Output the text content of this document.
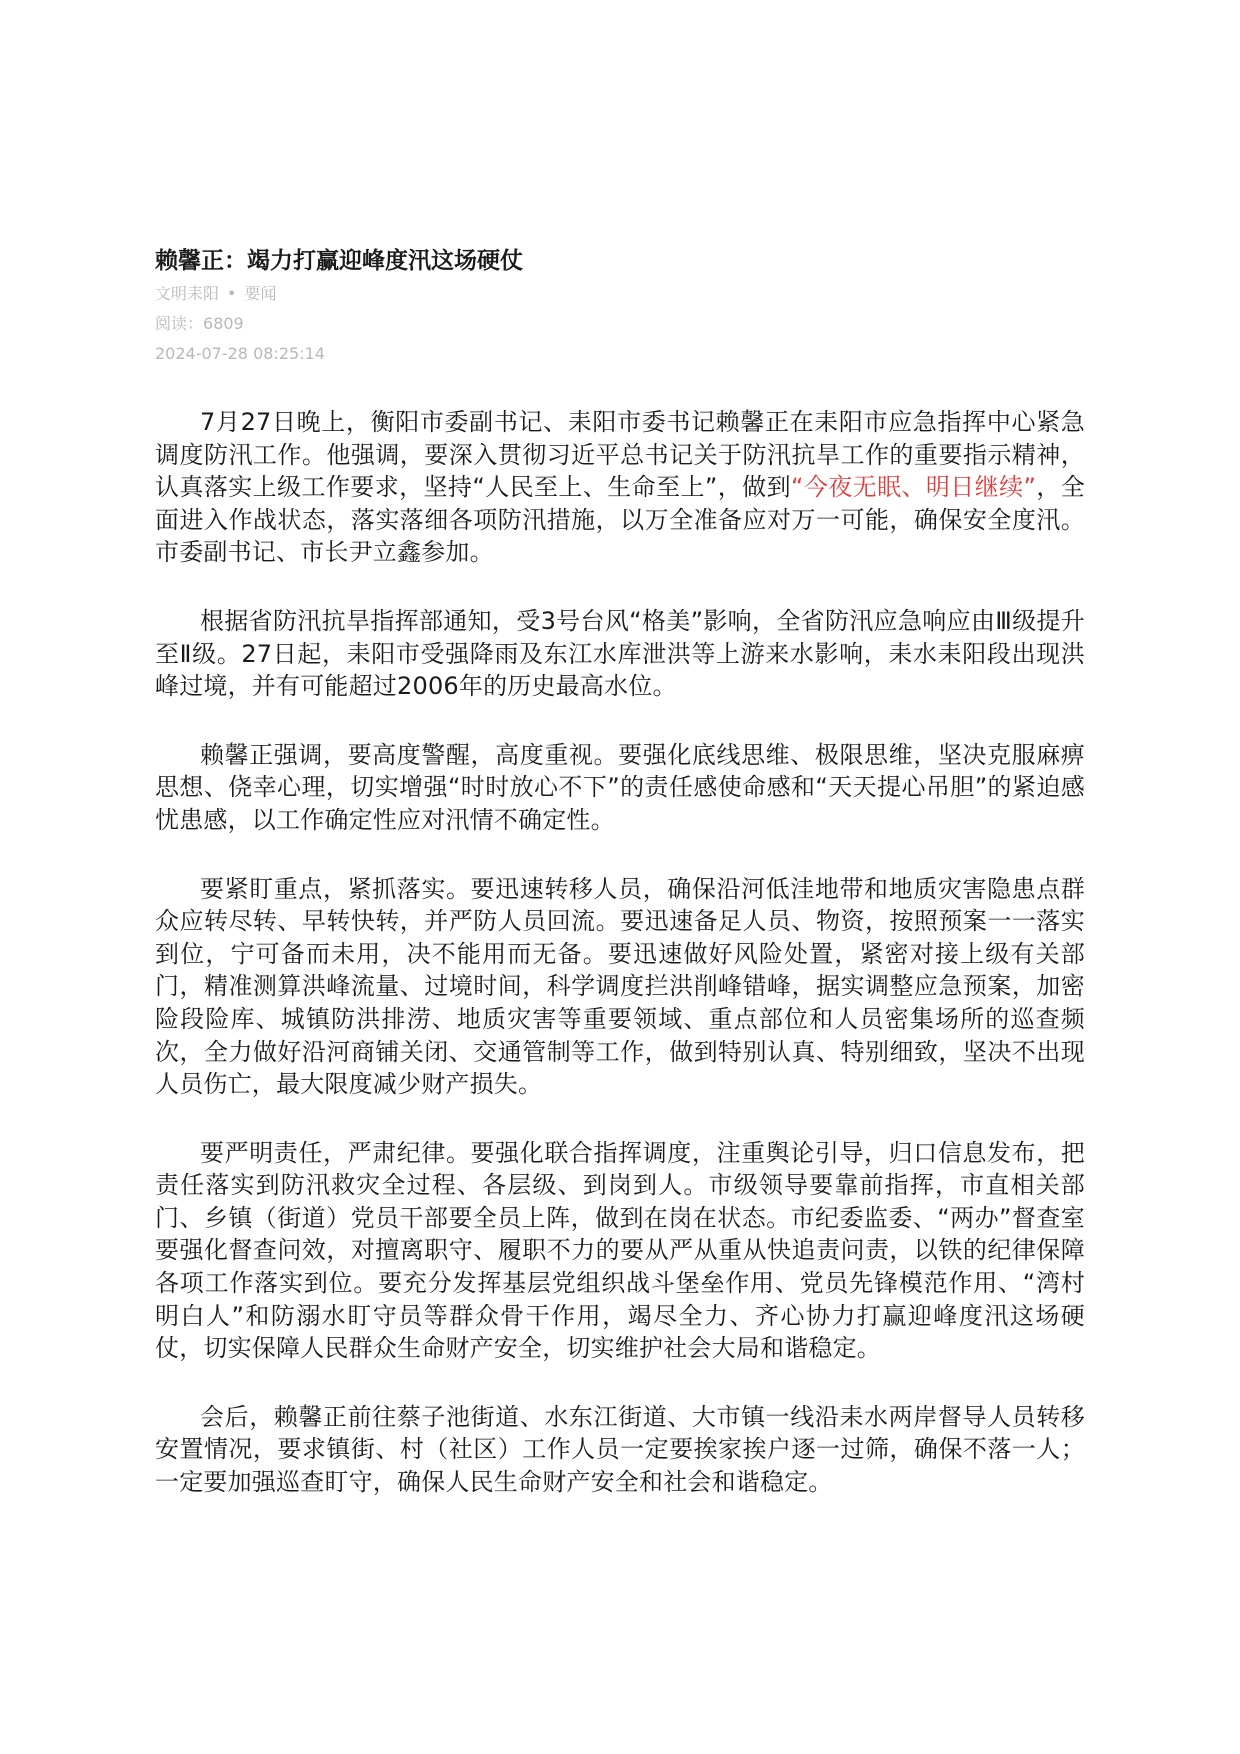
赖馨正：竭力打赢迎峰度汛这场硬仗
文明耒阳 • 要闻
阅读：6809
2024-07-28 08:25:14

7月27日晚上，衡阳市委副书记、耒阳市委书记赖馨正在耒阳市应急指挥中心紧急调度防汛工作。他强调，要深入贯彻习近平总书记关于防汛抗旱工作的重要指示精神，认真落实上级工作要求，坚持“人民至上、生命至上”，做到“今夜无眠、明日继续”，全面进入作战状态，落实落细各项防汛措施，以万全准备应对万一可能，确保安全度汛。市委副书记、市长尹立鑫参加。

根据省防汛抗旱指挥部通知，受3号台风“格美”影响，全省防汛应急响应由Ⅲ级提升至Ⅱ级。27日起，耒阳市受强降雨及东江水库泄洪等上游来水影响，耒水耒阳段出现洪峰过境，并有可能超过2006年的历史最高水位。

赖馨正强调，要高度警醒，高度重视。要强化底线思维、极限思维，坚决克服麻痹思想、侥幸心理，切实增强“时时放心不下”的责任感使命感和“天天提心吊胆”的紧迫感忧患感，以工作确定性应对汛情不确定性。

要紧盯重点，紧抓落实。要迅速转移人员，确保沿河低洼地带和地质灾害隐患点群众应转尽转、早转快转，并严防人员回流。要迅速备足人员、物资，按照预案一一落实到位，宁可备而未用，决不能用而无备。要迅速做好风险处置，紧密对接上级有关部门，精准测算洪峰流量、过境时间，科学调度拦洪削峰错峰，据实调整应急预案，加密险段险库、城镇防洪排涝、地质灾害等重要领域、重点部位和人员密集场所的巡查频次，全力做好沿河商铺关闭、交通管制等工作，做到特别认真、特别细致，坚决不出现人员伤亡，最大限度减少财产损失。

要严明责任，严肃纪律。要强化联合指挥调度，注重舆论引导，归口信息发布，把责任落实到防汛救灾全过程、各层级、到岗到人。市级领导要靠前指挥，市直相关部门、乡镇（街道）党员干部要全员上阵，做到在岗在状态。市纪委监委、“两办”督查室要强化督查问效，对擅离职守、履职不力的要从严从重从快追责问责，以铁的纪律保障各项工作落实到位。要充分发挥基层党组织战斗堡垒作用、党员先锋模范作用、“湾村明白人”和防溺水盯守员等群众骨干作用，竭尽全力、齐心协力打赢迎峰度汛这场硬仗，切实保障人民群众生命财产安全，切实维护社会大局和谐稳定。

会后，赖馨正前往蔡子池街道、水东江街道、大市镇一线沿耒水两岸督导人员转移安置情况，要求镇街、村（社区）工作人员一定要挨家挨户逐一过筛，确保不落一人；一定要加强巡查盯守，确保人民生命财产安全和社会和谐稳定。
